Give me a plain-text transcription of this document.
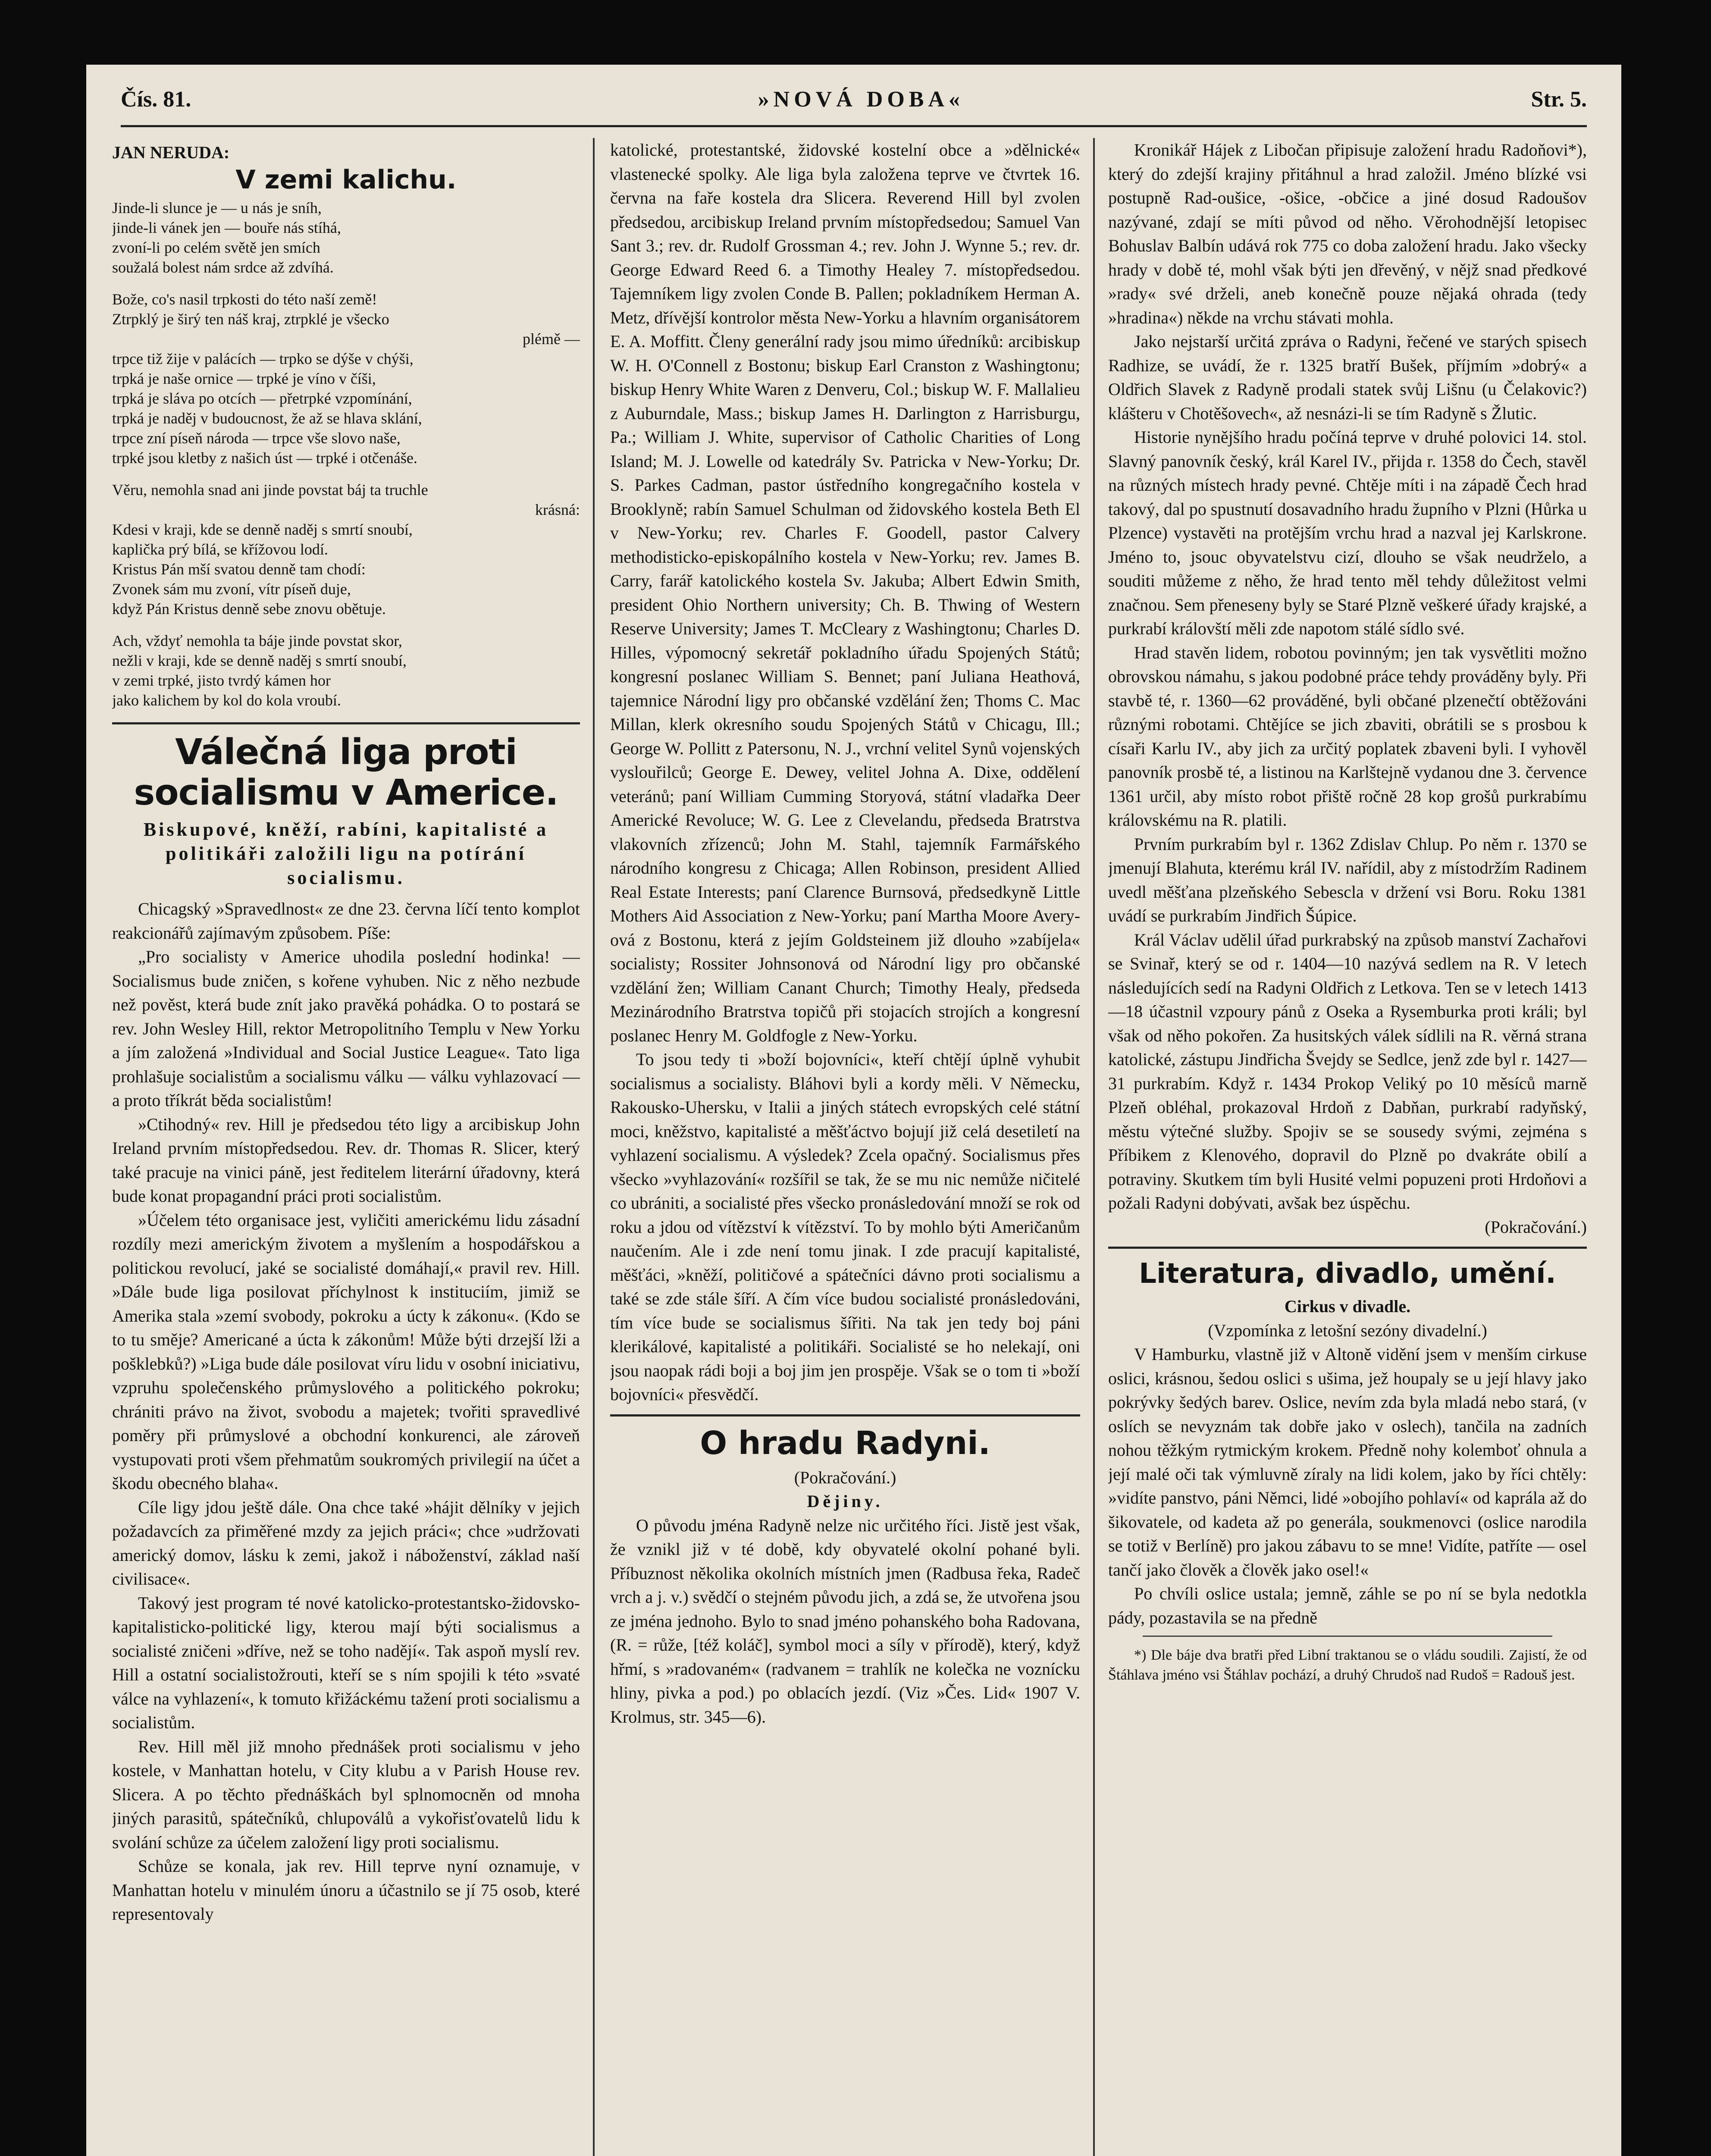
Čís. 81.	»NOVÁ DOBA«	Str. 5.
JAN NERUDA:
V zemi kalichu.
Jinde-li slunce je — u nás je sníh,
jinde-li vánek jen — bouře nás stíhá,
zvoní-li po celém světě jen smích
soužalá bolest nám srdce až zdvíhá.
Bože, co's nasil trpkosti do této naší země!
Ztrpklý je širý ten náš kraj, ztrpklé je všecko
plémě —
trpce tiž žije v palácích — trpko se dýše v chýši,
trpká je naše ornice — trpké je víno v číši,
trpká je sláva po otcích — přetrpké vzpomínání,
trpká je naděj v budoucnost, že až se hlava sklání,
trpce zní píseň národa — trpce vše slovo naše,
trpké jsou kletby z našich úst — trpké i otčenáše.
Věru, nemohla snad ani jinde povstat báj ta truchle
krásná:
Kdesi v kraji, kde se denně naděj s smrtí snoubí,
kaplička prý bílá, se křížovou lodí.
Kristus Pán mší svatou denně tam chodí:
Zvonek sám mu zvoní, vítr píseň duje,
když Pán Kristus denně sebe znovu obětuje.
Ach, vždyť nemohla ta báje jinde povstat skor,
nežli v kraji, kde se denně naděj s smrtí snoubí,
v zemi trpké, jisto tvrdý kámen hor
jako kalichem by kol do kola vroubí.
Válečná liga proti socialismu v Americe.
Biskupové, kněží, rabíni, kapitalisté a politikáři založili ligu na potírání socialismu.

Chicagský »Spravedlnost« ze dne 23. června líčí tento komplot reakcionářů zajímavým způsobem. Píše:

„Pro socialisty v Americe uhodila poslední hodinka! — Socialismus bude zničen, s kořene vyhuben. Nic z něho nezbude než pověst, která bude znít jako pravěká pohádka. O to postará se rev. John Wesley Hill, rektor Metropolitního Templu v New Yorku a jím založená »Individual and Social Justice League«. Tato liga prohlašuje socialistům a socialismu válku — válku vyhlazovací — a proto tříkrát běda socialistům!

»Ctihodný« rev. Hill je předsedou této ligy a arcibiskup John Ireland prvním místopředsedou. Rev. dr. Thomas R. Slicer, který také pracuje na vinici páně, jest ředitelem literární úřadovny, která bude konat propagandní práci proti socialistům.

»Účelem této organisace jest, vyličiti americkému lidu zásadní rozdíly mezi americkým životem a myšlením a hospodářskou a politickou revolucí, jaké se socialisté domáhají,« pravil rev. Hill. »Dále bude liga posilovat příchylnost k instituciím, jimiž se Amerika stala »zemí svobody, pokroku a úcty k zákonu«. (Kdo se to tu směje? Americané a úcta k zákonům! Může býti drzejší lži a pošklebků?) »Liga bude dále posilovat víru lidu v osobní iniciativu, vzpruhu společenského průmyslového a politického pokroku; chrániti právo na život, svobodu a majetek; tvořiti spravedlivé poměry při průmyslové a obchodní konkurenci, ale zároveň vystupovati proti všem přehmatům soukromých privilegií na účet a škodu obecného blaha«.

Cíle ligy jdou ještě dále. Ona chce také »hájit dělníky v jejich požadavcích za přiměřené mzdy za jejich práci«; chce »udržovati americký domov, lásku k zemi, jakož i náboženství, základ naší civilisace«.

Takový jest program té nové katolicko-protestantsko-židovsko-kapitalisticko-politické ligy, kterou mají býti socialismus a socialisté zničeni »dříve, než se toho nadějí«. Tak aspoň myslí rev. Hill a ostatní socialistožrouti, kteří se s ním spojili k této »svaté válce na vyhlazení«, k tomuto křižáckému tažení proti socialismu a socialistům.

Rev. Hill měl již mnoho přednášek proti socialismu v jeho kostele, v Manhattan hotelu, v City klubu a v Parish House rev. Slicera. A po těchto přednáškách byl splnomocněn od mnoha jiných parasitů, spátečníků, chlupoválů a vykořisťovatelů lidu k svolání schůze za účelem založení ligy proti socialismu.

Schůze se konala, jak rev. Hill teprve nyní oznamuje, v Manhattan hotelu v minulém únoru a účastnilo se jí 75 osob, které representovaly

katolické, protestantské, židovské kostelní obce a »dělnické« vlastenecké spolky. Ale liga byla založena teprve ve čtvrtek 16. června na faře kostela dra Slicera. Reverend Hill byl zvolen předsedou, arcibiskup Ireland prvním místopředsedou; Samuel Van Sant 3.; rev. dr. Rudolf Grossman 4.; rev. John J. Wynne 5.; rev. dr. George Edward Reed 6. a Timothy Healey 7. místopředsedou. Tajemníkem ligy zvolen Conde B. Pallen; pokladníkem Herman A. Metz, dřívější kontrolor města New-Yorku a hlavním organisátorem E. A. Moffitt. Členy generální rady jsou mimo úředníků: arcibiskup W. H. O'Connell z Bostonu; biskup Earl Cranston z Washingtonu; biskup Henry White Waren z Denveru, Col.; biskup W. F. Mallalieu z Auburndale, Mass.; biskup James H. Darlington z Harrisburgu, Pa.; William J. White, supervisor of Catholic Charities of Long Island; M. J. Lowelle od katedrály Sv. Patricka v New-Yorku; Dr. S. Parkes Cadman, pastor ústředního kongregačního kostela v Brooklyně; rabín Samuel Schulman od židovského kostela Beth El v New-Yorku; rev. Charles F. Goodell, pastor Calvery methodisticko-episkopálního kostela v New-Yorku; rev. James B. Carry, farář katolického kostela Sv. Jakuba; Albert Edwin Smith, president Ohio Northern university; Ch. B. Thwing of Western Reserve University; James T. McCleary z Washingtonu; Charles D. Hilles, výpomocný sekretář pokladního úřadu Spojených Států; kongresní poslanec William S. Bennet; paní Juliana Heathová, tajemnice Národní ligy pro občanské vzdělání žen; Thoms C. Mac Millan, klerk okresního soudu Spojených Států v Chicagu, Ill.; George W. Pollitt z Patersonu, N. J., vrchní velitel Synů vojenských vyslouřilců; George E. Dewey, velitel Johna A. Dixe, oddělení veteránů; paní William Cumming Storyová, státní vladařka Deer Americké Revoluce; W. G. Lee z Clevelandu, předseda Bratrstva vlakovních zřízenců; John M. Stahl, tajemník Farmářského národního kongresu z Chicaga; Allen Robinson, president Allied Real Estate Interests; paní Clarence Burnsová, předsedkyně Little Mothers Aid Association z New-Yorku; paní Martha Moore Avery-ová z Bostonu, která z jejím Goldsteinem již dlouho »zabíjela« socialisty; Rossiter Johnsonová od Národní ligy pro občanské vzdělání žen; William Canant Church; Timothy Healy, předseda Mezinárodního Bratrstva topičů při stojacích strojích a kongresní poslanec Henry M. Goldfogle z New-Yorku.

To jsou tedy ti »boží bojovníci«, kteří chtějí úplně vyhubit socialismus a socialisty. Bláhovi byli a kordy měli. V Německu, Rakousko-Uhersku, v Italii a jiných státech evropských celé státní moci, kněžstvo, kapitalisté a měšťáctvo bojují již celá desetiletí na vyhlazení socialismu. A výsledek? Zcela opačný. Socialismus přes všecko »vyhlazování« rozšířil se tak, že se mu nic nemůže ničitelé co ubrániti, a socialisté přes všecko pronásledování množí se rok od roku a jdou od vítězství k vítězství. To by mohlo býti Američanům naučením. Ale i zde není tomu jinak. I zde pracují kapitalisté, měšťáci, »kněží, političové a spátečníci dávno proti socialismu a také se zde stále šíří. A čím více budou socialisté pronásledováni, tím více bude se socialismus šířiti. Na tak jen tedy boj páni klerikálové, kapitalisté a politikáři. Socialisté se ho nelekají, oni jsou naopak rádi boji a boj jim jen prospěje. Však se o tom ti »boží bojovníci« přesvědčí.

O hradu Radyni.

(Pokračování.)

Dějiny.

O původu jména Radyně nelze nic určitého říci. Jistě jest však, že vznikl již v té době, kdy obyvatelé okolní pohané byli. Příbuznost několika okolních místních jmen (Radbusa řeka, Radeč vrch a j. v.) svědčí o stejném původu jich, a zdá se, že utvořena jsou ze jména jednoho. Bylo to snad jméno pohanského boha Radovana, (R. = růže, [též koláč], symbol moci a síly v přírodě), který, když hřmí, s »radovaném« (radvanem = trahlík ne kolečka ne voznícku hliny, pivka a pod.) po oblacích jezdí. (Viz »Čes. Lid« 1907 V. Krolmus, str. 345—6).

Kronikář Hájek z Libočan připisuje založení hradu Radoňovi*), který do zdejší krajiny přitáhnul a hrad založil. Jméno blízké vsi postupně Rad-oušice, -ošice, -občice a jiné dosud Radoušov nazývané, zdají se míti původ od něho. Věrohodnější letopisec Bohuslav Balbín udává rok 775 co doba založení hradu. Jako všecky hrady v době té, mohl však býti jen dřevěný, v nějž snad předkové »rady« své drželi, aneb konečně pouze nějaká ohrada (tedy »hradina«) někde na vrchu stávati mohla.

Jako nejstarší určitá zpráva o Radyni, řečené ve starých spisech Radhize, se uvádí, že r. 1325 bratří Bušek, příjmím »dobrý« a Oldřich Slavek z Radyně prodali statek svůj Lišnu (u Čelakovic?) klášteru v Chotěšovech«, až nesnázi-li se tím Radyně s Žlutic.

Historie nynějšího hradu počíná teprve v druhé polovici 14. stol. Slavný panovník český, král Karel IV., přijda r. 1358 do Čech, stavěl na různých místech hrady pevné. Chtěje míti i na západě Čech hrad takový, dal po spustnutí dosavadního hradu župního v Plzni (Hůrka u Plzence) vystavěti na protějším vrchu hrad a nazval jej Karlskrone. Jméno to, jsouc obyvatelstvu cizí, dlouho se však neudrželo, a souditi můžeme z něho, že hrad tento měl tehdy důležitost velmi značnou. Sem přeneseny byly se Staré Plzně veškeré úřady krajské, a purkrabí královští měli zde napotom stálé sídlo své.

Hrad stavěn lidem, robotou povinným; jen tak vysvětliti možno obrovskou námahu, s jakou podobné práce tehdy prováděny byly. Při stavbě té, r. 1360—62 prováděné, byli občané plzenečtí obtěžováni různými robotami. Chtějíce se jich zbaviti, obrátili se s prosbou k císaři Karlu IV., aby jich za určitý poplatek zbaveni byli. I vyhověl panovník prosbě té, a listinou na Karlštejně vydanou dne 3. července 1361 určil, aby místo robot přiště ročně 28 kop grošů purkrabímu královskému na R. platili.

Prvním purkrabím byl r. 1362 Zdislav Chlup. Po něm r. 1370 se jmenují Blahuta, kterému král IV. nařídil, aby z místodržím Radinem uvedl měšťana plzeňského Sebescla v držení vsi Boru. Roku 1381 uvádí se purkrabím Jindřich Šúpice.

Král Václav udělil úřad purkrabský na způsob manství Zachařovi se Svinař, který se od r. 1404—10 nazývá sedlem na R. V letech následujících sedí na Radyni Oldřich z Letkova. Ten se v letech 1413—18 účastnil vzpoury pánů z Oseka a Rysemburka proti králi; byl však od něho pokořen. Za husitských válek sídlili na R. věrná strana katolické, zástupu Jindřicha Švejdy se Sedlce, jenž zde byl r. 1427—31 purkrabím. Když r. 1434 Prokop Veliký po 10 měsíců marně Plzeň obléhal, prokazoval Hrdoň z Dabňan, purkrabí radyňský, městu výtečné služby. Spojiv se se sousedy svými, zejména s Příbikem z Klenového, dopravil do Plzně po dvakráte obilí a potraviny. Skutkem tím byli Husité velmi popuzeni proti Hrdoňovi a požali Radyni dobývati, avšak bez úspěchu.

(Pokračování.)

Literatura, divadlo, umění.

Cirkus v divadle.

(Vzpomínka z letošní sezóny divadelní.)

V Hamburku, vlastně již v Altoně vidění jsem v menším cirkuse oslici, krásnou, šedou oslici s ušima, jež houpaly se u její hlavy jako pokrývky šedých barev. Oslice, nevím zda byla mladá nebo stará, (v oslích se nevyznám tak dobře jako v oslech), tančila na zadních nohou těžkým rytmickým krokem. Předně nohy kolemboť ohnula a její malé oči tak výmluvně zíraly na lidi kolem, jako by říci chtěly: »vidíte panstvo, páni Němci, lidé »obojího pohlaví« od kaprála až do šikovatele, od kadeta až po generála, soukmenovci (oslice narodila se totiž v Berlíně) pro jakou zábavu to se mne! Vidíte, patříte — osel tančí jako člověk a člověk jako osel!«

Po chvíli oslice ustala; jemně, záhle se po ní se byla nedotkla pády, pozastavila se na předně

*) Dle báje dva bratři před Libní traktanou se o vládu soudili. Zajistí, že od Štáhlava jméno vsi Štáhlav pochází, a druhý Chrudoš nad Rudoš = Radouš jest.
